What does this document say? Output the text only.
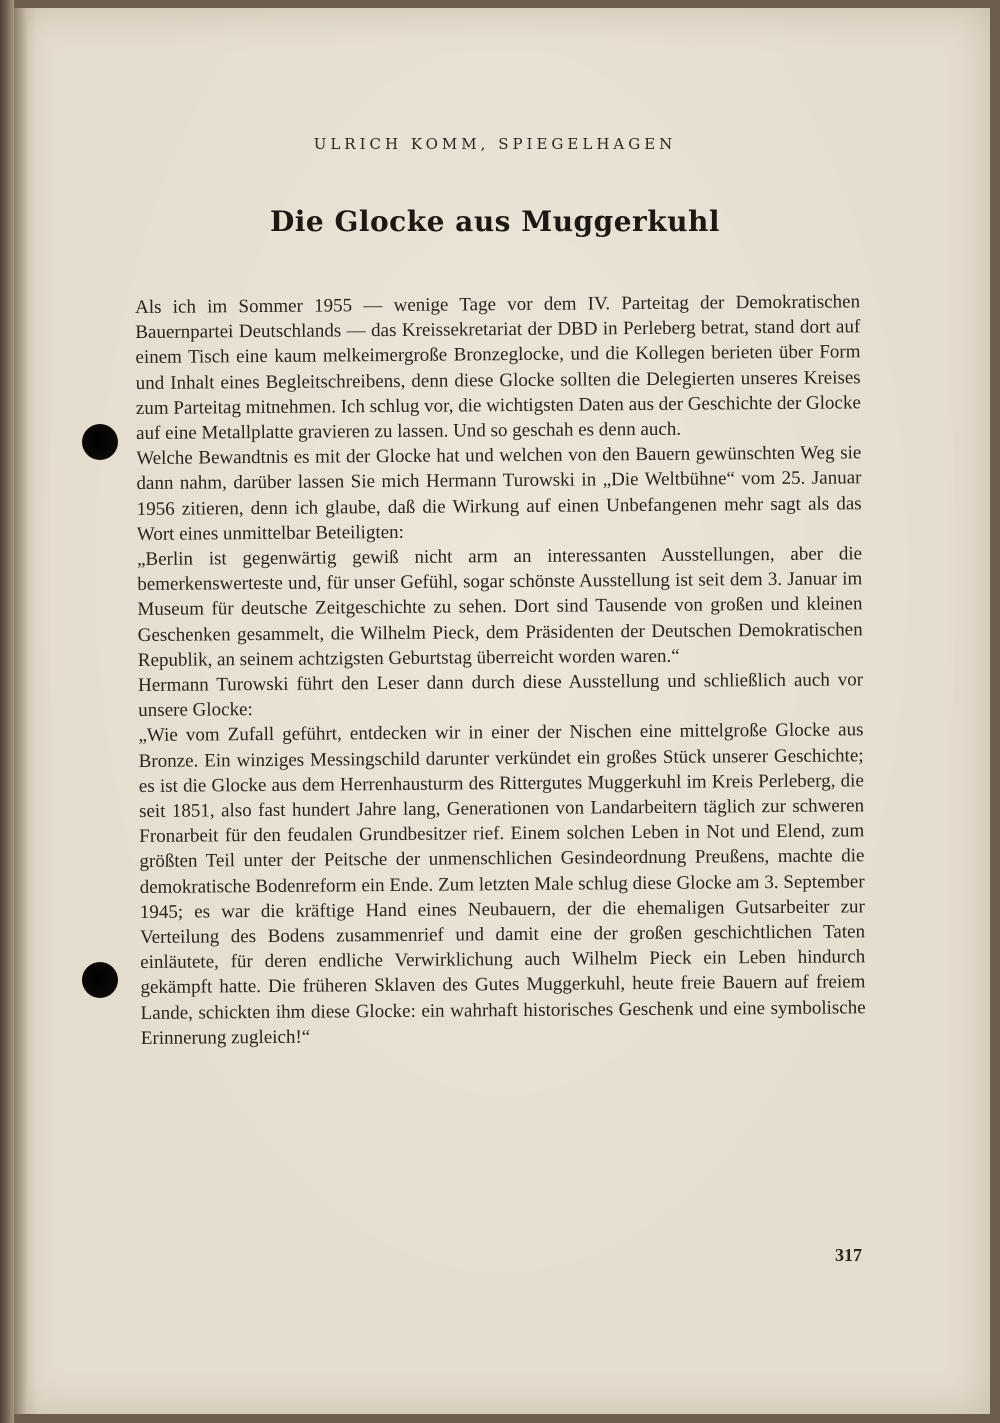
ULRICH KOMM, SPIEGELHAGEN
Die Glocke aus Muggerkuhl

Als ich im Sommer 1955 — wenige Tage vor dem IV. Parteitag der Demokratischen Bauernpartei Deutschlands — das Kreissekretariat der DBD in Perleberg betrat, stand dort auf einem Tisch eine kaum melkeimergroße Bronzeglocke, und die Kollegen berieten über Form und Inhalt eines Begleitschreibens, denn diese Glocke sollten die Delegierten unseres Kreises zum Parteitag mitnehmen. Ich schlug vor, die wichtigsten Daten aus der Geschichte der Glocke auf eine Metallplatte gravieren zu lassen. Und so geschah es denn auch.

Welche Bewandtnis es mit der Glocke hat und welchen von den Bauern gewünschten Weg sie dann nahm, darüber lassen Sie mich Hermann Turowski in „Die Weltbühne“ vom 25. Januar 1956 zitieren, denn ich glaube, daß die Wirkung auf einen Unbefangenen mehr sagt als das Wort eines unmittelbar Beteiligten:

„Berlin ist gegenwärtig gewiß nicht arm an interessanten Ausstellungen, aber die bemerkenswerteste und, für unser Gefühl, sogar schönste Ausstellung ist seit dem 3. Januar im Museum für deutsche Zeitgeschichte zu sehen. Dort sind Tausende von großen und kleinen Geschenken gesammelt, die Wilhelm Pieck, dem Präsidenten der Deutschen Demokratischen Republik, an seinem achtzigsten Geburtstag überreicht worden waren.“

Hermann Turowski führt den Leser dann durch diese Ausstellung und schließlich auch vor unsere Glocke:

„Wie vom Zufall geführt, entdecken wir in einer der Nischen eine mittelgroße Glocke aus Bronze. Ein winziges Messingschild darunter verkündet ein großes Stück unserer Geschichte; es ist die Glocke aus dem Herrenhausturm des Rittergutes Muggerkuhl im Kreis Perleberg, die seit 1851, also fast hundert Jahre lang, Generationen von Landarbeitern täglich zur schweren Fronarbeit für den feudalen Grundbesitzer rief. Einem solchen Leben in Not und Elend, zum größten Teil unter der Peitsche der unmenschlichen Gesindeordnung Preußens, machte die demokratische Bodenreform ein Ende. Zum letzten Male schlug diese Glocke am 3. September 1945; es war die kräftige Hand eines Neubauern, der die ehemaligen Gutsarbeiter zur Verteilung des Bodens zusammenrief und damit eine der großen geschichtlichen Taten einläutete, für deren endliche Verwirklichung auch Wilhelm Pieck ein Leben hindurch gekämpft hatte. Die früheren Sklaven des Gutes Muggerkuhl, heute freie Bauern auf freiem Lande, schickten ihm diese Glocke: ein wahrhaft historisches Geschenk und eine symbolische Erinnerung zugleich!“

317
